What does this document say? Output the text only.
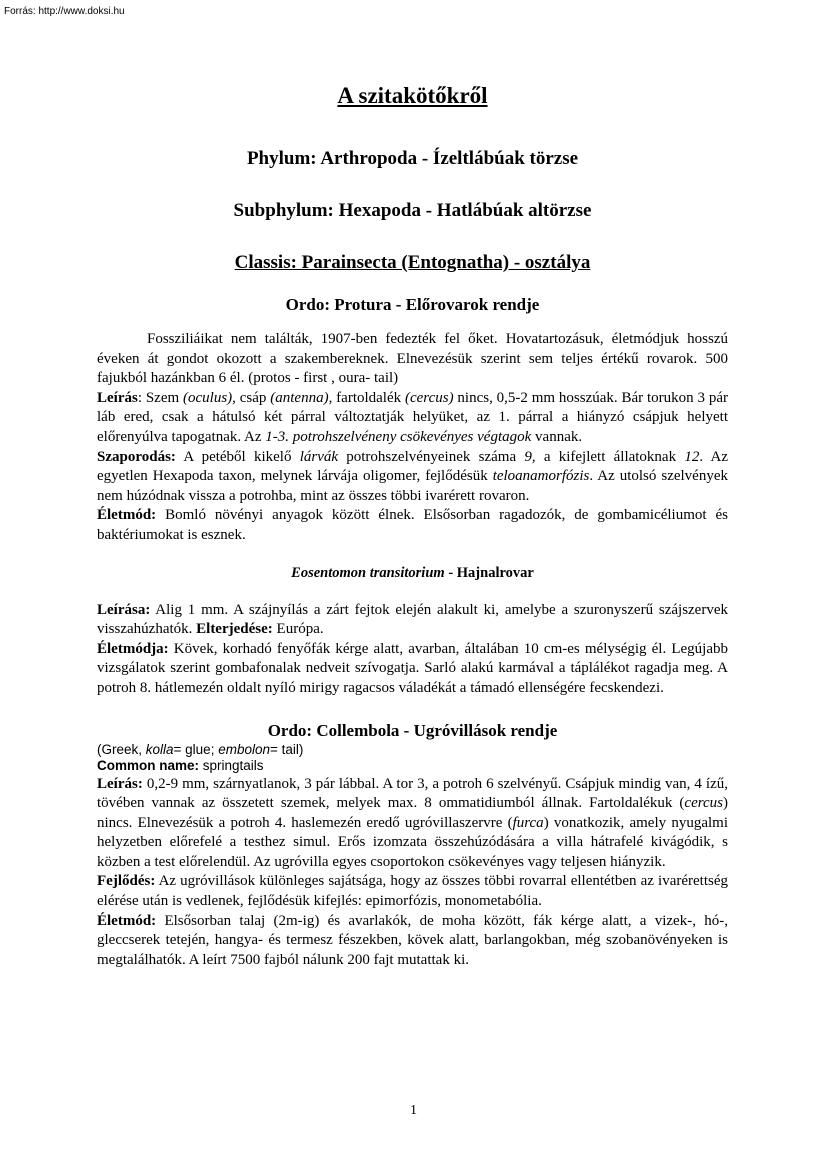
Forrás: http://www.doksi.hu
A szitakötőkről
Phylum: Arthropoda - Ízeltlábúak törzse
Subphylum: Hexapoda - Hatlábúak altörzse
Classis: Parainsecta (Entognatha) - osztálya
Ordo: Protura - Előrovarok rendje

Fossziliáikat nem találták, 1907-ben fedezték fel őket. Hovatartozásuk, életmódjuk hosszú éveken át gondot okozott a szakembereknek. Elnevezésük szerint sem teljes értékű rovarok. 500 fajukból hazánkban 6 él. (protos - first , oura- tail)

Leírás: Szem (oculus), csáp (antenna), fartoldalék (cercus) nincs, 0,5-2 mm hosszúak. Bár torukon 3 pár láb ered, csak a hátulsó két párral változtatják helyüket, az 1. párral a hiányzó csápjuk helyett előrenyúlva tapogatnak. Az 1-3. potrohszelvéneny csökevényes végtagok vannak.

Szaporodás: A petéből kikelő lárvák potrohszelvényeinek száma 9, a kifejlett állatoknak 12. Az egyetlen Hexapoda taxon, melynek lárvája oligomer, fejlődésük teloanamorfózis. Az utolsó szelvények nem húzódnak vissza a potrohba, mint az összes többi ivarérett rovaron.

Életmód: Bomló növényi anyagok között élnek. Elsősorban ragadozók, de gombamicéliumot és baktériumokat is esznek.

Eosentomon transitorium - Hajnalrovar

Leírása: Alig 1 mm. A szájnyílás a zárt fejtok elején alakult ki, amelybe a szuronyszerű szájszervek visszahúzhatók. Elterjedése: Európa.

Életmódja: Kövek, korhadó fenyőfák kérge alatt, avarban, általában 10 cm-es mélységig él. Legújabb vizsgálatok szerint gombafonalak nedveit szívogatja. Sarló alakú karmával a táplálékot ragadja meg. A potroh 8. hátlemezén oldalt nyíló mirigy ragacsos váladékát a támadó ellenségére fecskendezi.

Ordo: Collembola - Ugróvillások rendje

(Greek, kolla= glue; embolon= tail)

Common name: springtails

Leírás: 0,2-9 mm, szárnyatlanok, 3 pár lábbal. A tor 3, a potroh 6 szelvényű. Csápjuk mindig van, 4 ízű, tövében vannak az összetett szemek, melyek max. 8 ommatidiumból állnak. Fartoldalékuk (cercus) nincs. Elnevezésük a potroh 4. haslemezén eredő ugróvillaszervre (furca) vonatkozik, amely nyugalmi helyzetben előrefelé a testhez simul. Erős izomzata összehúzódására a villa hátrafelé kivágódik, s közben a test előrelendül. Az ugróvilla egyes csoportokon csökevényes vagy teljesen hiányzik.

Fejlődés: Az ugróvillások különleges sajátsága, hogy az összes többi rovarral ellentétben az ivarérettség elérése után is vedlenek, fejlődésük kifejlés: epimorfózis, monometabólia.

Életmód: Elsősorban talaj (2m-ig) és avarlakók, de moha között, fák kérge alatt, a vizek-, hó-, gleccserek tetején, hangya- és termesz fészekben, kövek alatt, barlangokban, még szobanövényeken is megtalálhatók. A leírt 7500 fajból nálunk 200 fajt mutattak ki.

1
